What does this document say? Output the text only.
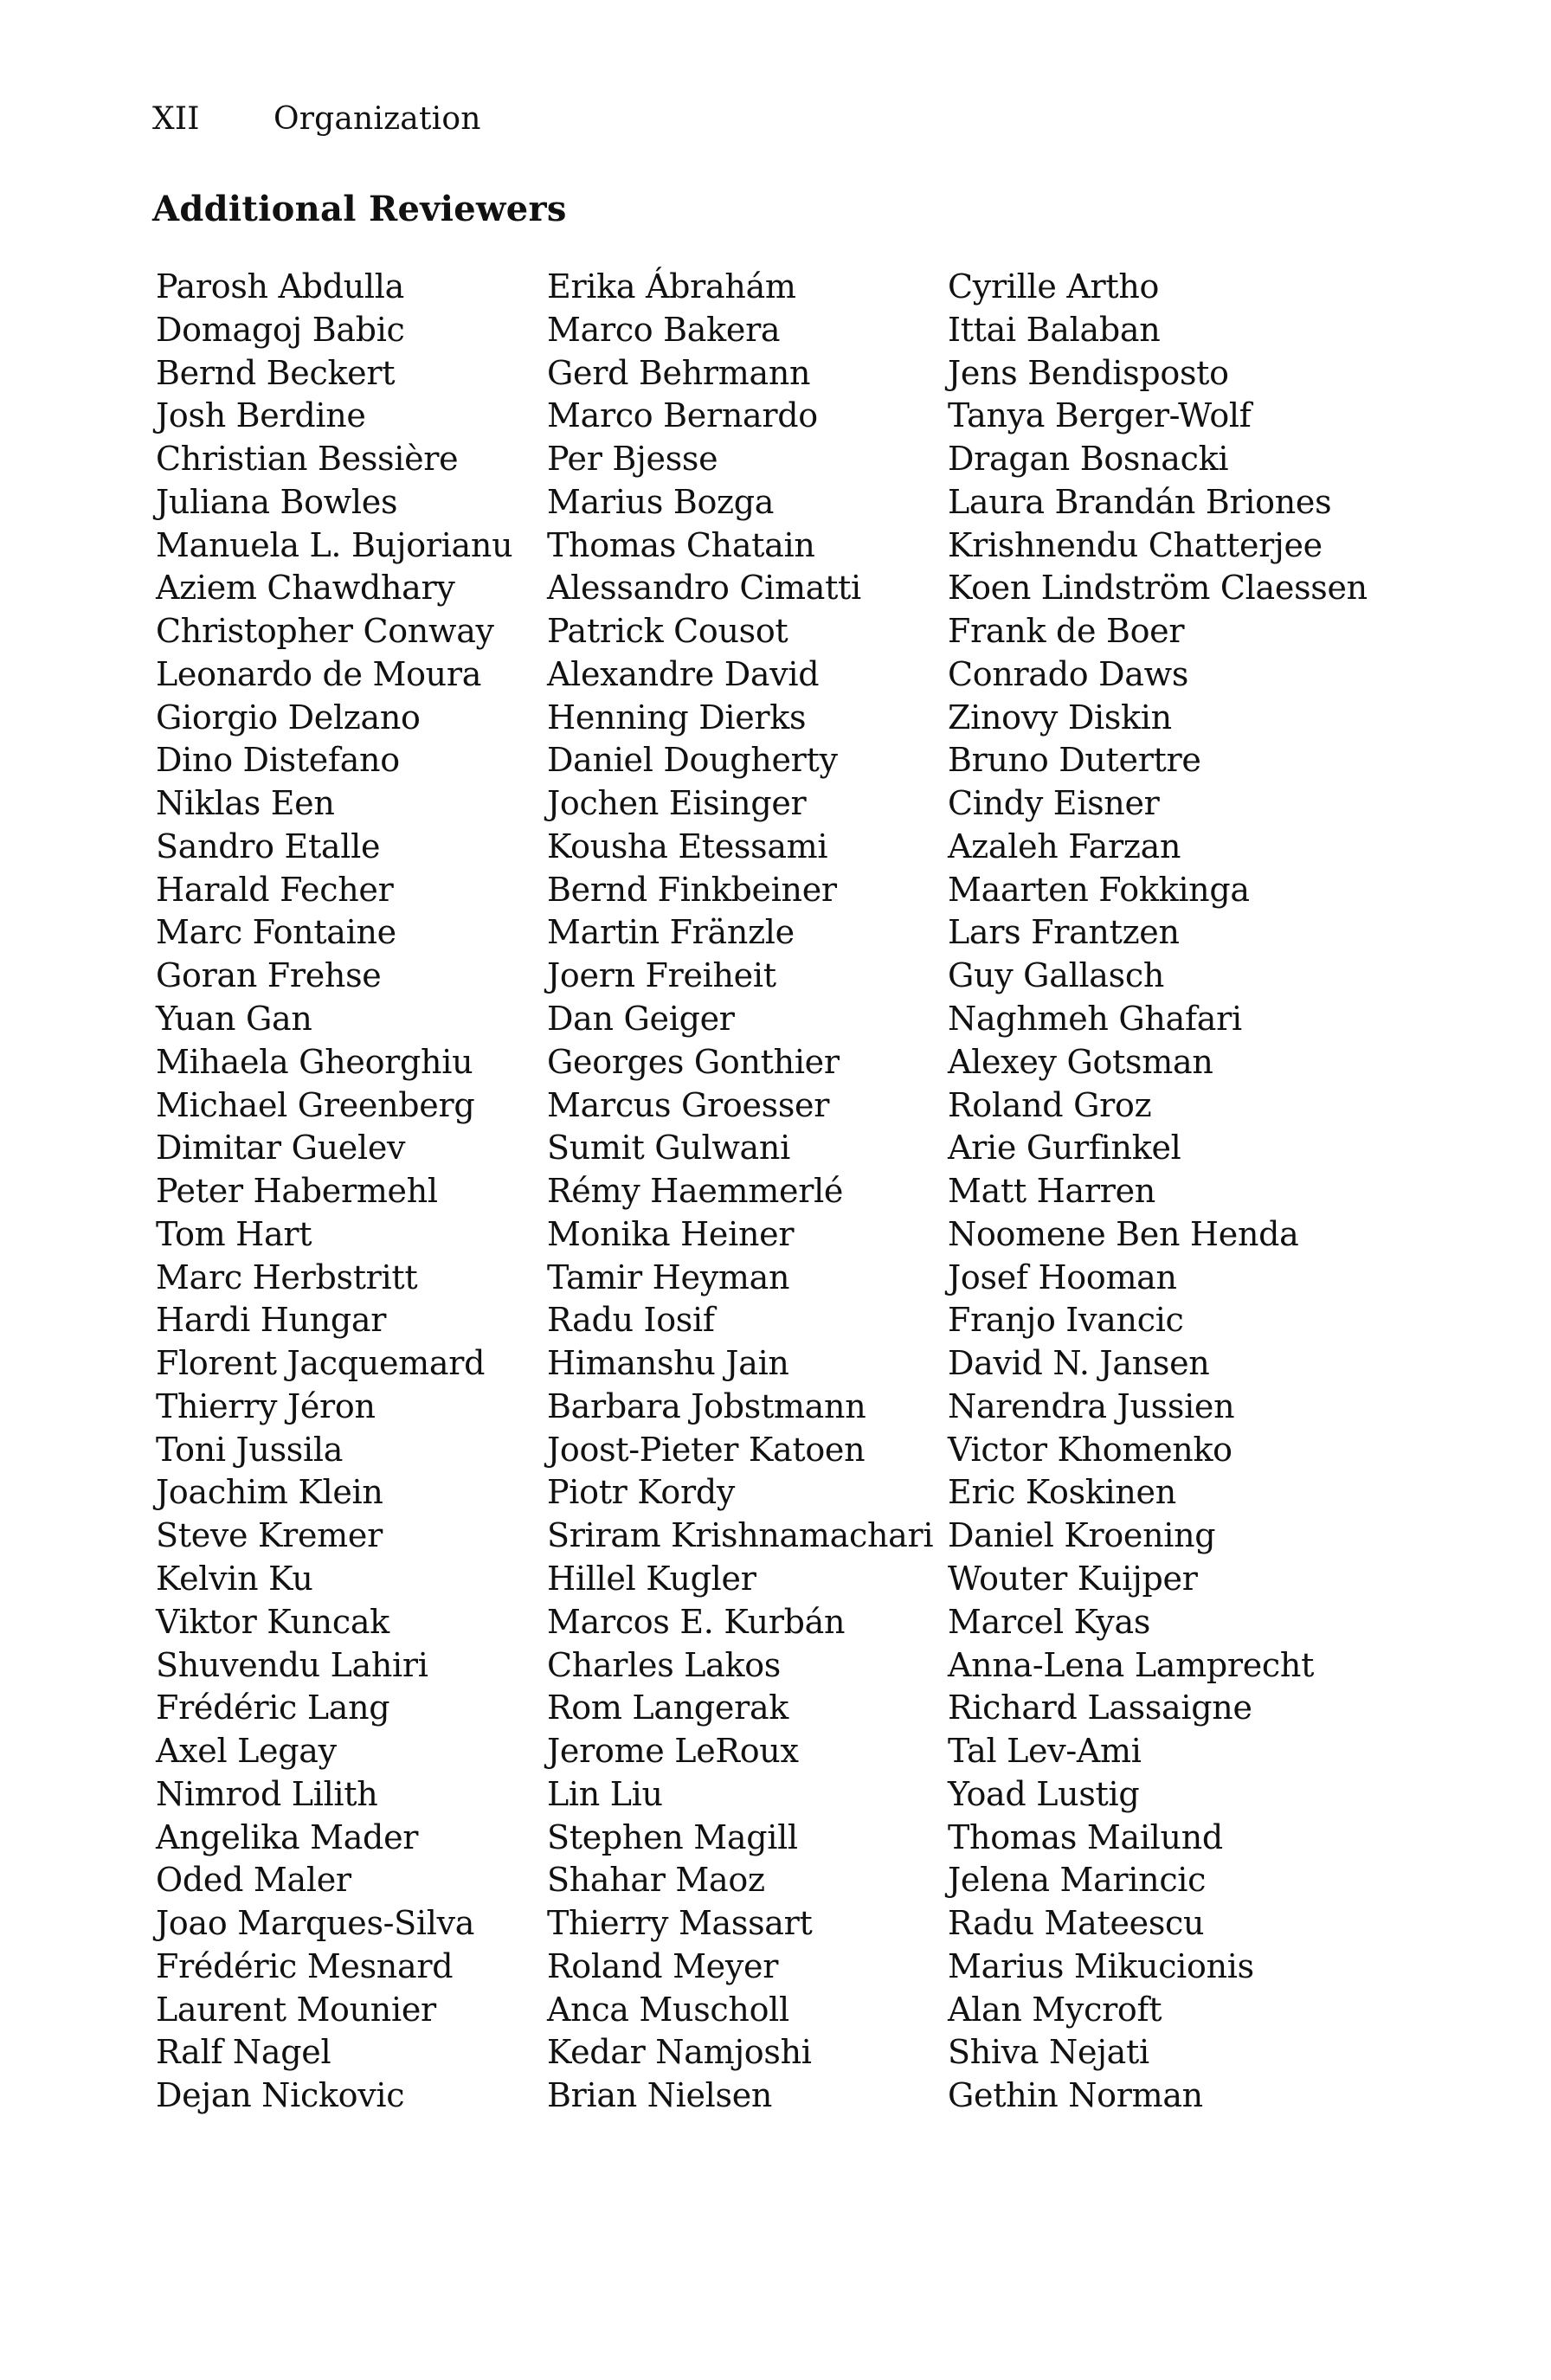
XII	Organization
Additional Reviewers
Parosh Abdulla
Domagoj Babic
Bernd Beckert
Josh Berdine
Christian Bessière
Juliana Bowles
Manuela L. Bujorianu
Aziem Chawdhary
Christopher Conway
Leonardo de Moura
Giorgio Delzano
Dino Distefano
Niklas Een
Sandro Etalle
Harald Fecher
Marc Fontaine
Goran Frehse
Yuan Gan
Mihaela Gheorghiu
Michael Greenberg
Dimitar Guelev
Peter Habermehl
Tom Hart
Marc Herbstritt
Hardi Hungar
Florent Jacquemard
Thierry Jéron
Toni Jussila
Joachim Klein
Steve Kremer
Kelvin Ku
Viktor Kuncak
Shuvendu Lahiri
Frédéric Lang
Axel Legay
Nimrod Lilith
Angelika Mader
Oded Maler
Joao Marques-Silva
Frédéric Mesnard
Laurent Mounier
Ralf Nagel
Dejan Nickovic
Erika Ábrahám
Marco Bakera
Gerd Behrmann
Marco Bernardo
Per Bjesse
Marius Bozga
Thomas Chatain
Alessandro Cimatti
Patrick Cousot
Alexandre David
Henning Dierks
Daniel Dougherty
Jochen Eisinger
Kousha Etessami
Bernd Finkbeiner
Martin Fränzle
Joern Freiheit
Dan Geiger
Georges Gonthier
Marcus Groesser
Sumit Gulwani
Rémy Haemmerlé
Monika Heiner
Tamir Heyman
Radu Iosif
Himanshu Jain
Barbara Jobstmann
Joost-Pieter Katoen
Piotr Kordy
Sriram Krishnamachari
Hillel Kugler
Marcos E. Kurbán
Charles Lakos
Rom Langerak
Jerome LeRoux
Lin Liu
Stephen Magill
Shahar Maoz
Thierry Massart
Roland Meyer
Anca Muscholl
Kedar Namjoshi
Brian Nielsen
Cyrille Artho
Ittai Balaban
Jens Bendisposto
Tanya Berger-Wolf
Dragan Bosnacki
Laura Brandán Briones
Krishnendu Chatterjee
Koen Lindström Claessen
Frank de Boer
Conrado Daws
Zinovy Diskin
Bruno Dutertre
Cindy Eisner
Azaleh Farzan
Maarten Fokkinga
Lars Frantzen
Guy Gallasch
Naghmeh Ghafari
Alexey Gotsman
Roland Groz
Arie Gurfinkel
Matt Harren
Noomene Ben Henda
Josef Hooman
Franjo Ivancic
David N. Jansen
Narendra Jussien
Victor Khomenko
Eric Koskinen
Daniel Kroening
Wouter Kuijper
Marcel Kyas
Anna-Lena Lamprecht
Richard Lassaigne
Tal Lev-Ami
Yoad Lustig
Thomas Mailund
Jelena Marincic
Radu Mateescu
Marius Mikucionis
Alan Mycroft
Shiva Nejati
Gethin Norman
